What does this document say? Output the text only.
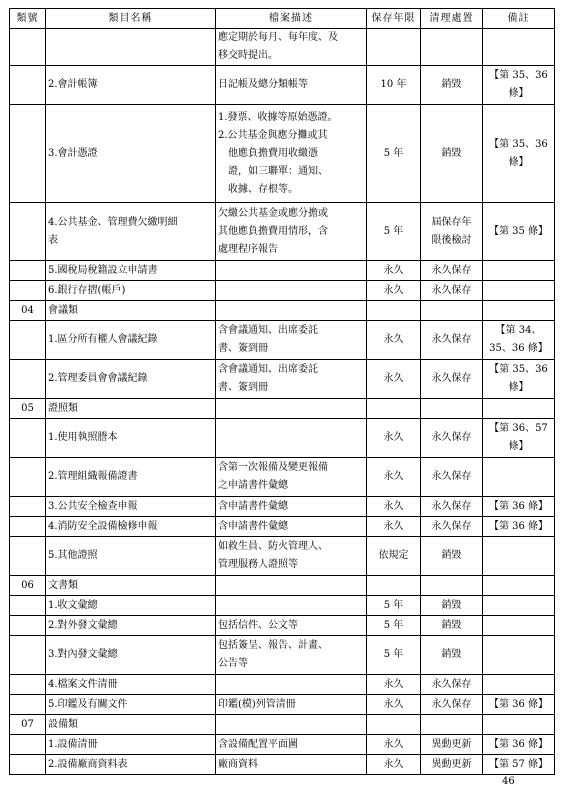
類號	類目名稱	檔案描述	保存年限	清理處置	備註
		應定期於每月、每年度、及
移交時提出。			
	2.會計帳簿	日記帳及總分類帳等	10 年	銷毀	【第 35、36
條】
	3.會計憑證	1.發票、收據等原始憑證。
2.公共基金與應分攤或其
　他應負擔費用收繳憑
　證，如三聯單：通知、
　收據、存根等。	5 年	銷毀	【第 35、36
條】
	4.公共基金、管理費欠繳明細
表	欠繳公共基金或應分擔或
其他應負擔費用情形，含
處理程序報告	5 年	屆保存年
限後檢討	【第 35 條】
	5.國稅局稅籍設立申請書		永久	永久保存	
	6.銀行存摺(帳戶)		永久	永久保存	
04	會議類				
	1.區分所有權人會議紀錄	含會議通知、出席委託
書、簽到冊	永久	永久保存	【第 34、
35、36 條】
	2.管理委員會會議紀錄	含會議通知、出席委託
書、簽到冊	永久	永久保存	【第 35、36
條】
05	證照類				
	1.使用執照謄本		永久	永久保存	【第 36、57
條】
	2.管理組織報備證書	含第一次報備及變更報備
之申請書件彙總	永久	永久保存	
	3.公共安全檢查申報	含申請書件彙總	永久	永久保存	【第 36 條】
	4.消防安全設備檢修申報	含申請書件彙總	永久	永久保存	【第 36 條】
	5.其他證照	如救生員、防火管理人、
管理服務人證照等	依規定	銷毀	
06	文書類				
	1.收文彙總		5 年	銷毀	
	2.對外發文彙總	包括信件、公文等	5 年	銷毀	
	3.對內發文彙總	包括簽呈、報告、計畫、
公告等	5 年	銷毀	
	4.檔案文件清冊		永久	永久保存	
	5.印鑑及有關文件	印鑑(模)列管清冊	永久	永久保存	【第 36 條】
07	設備類				
	1.設備清冊	含設備配置平面圖	永久	異動更新	【第 36 條】
	2.設備廠商資料表	廠商資料	永久	異動更新	【第 57 條】
46
